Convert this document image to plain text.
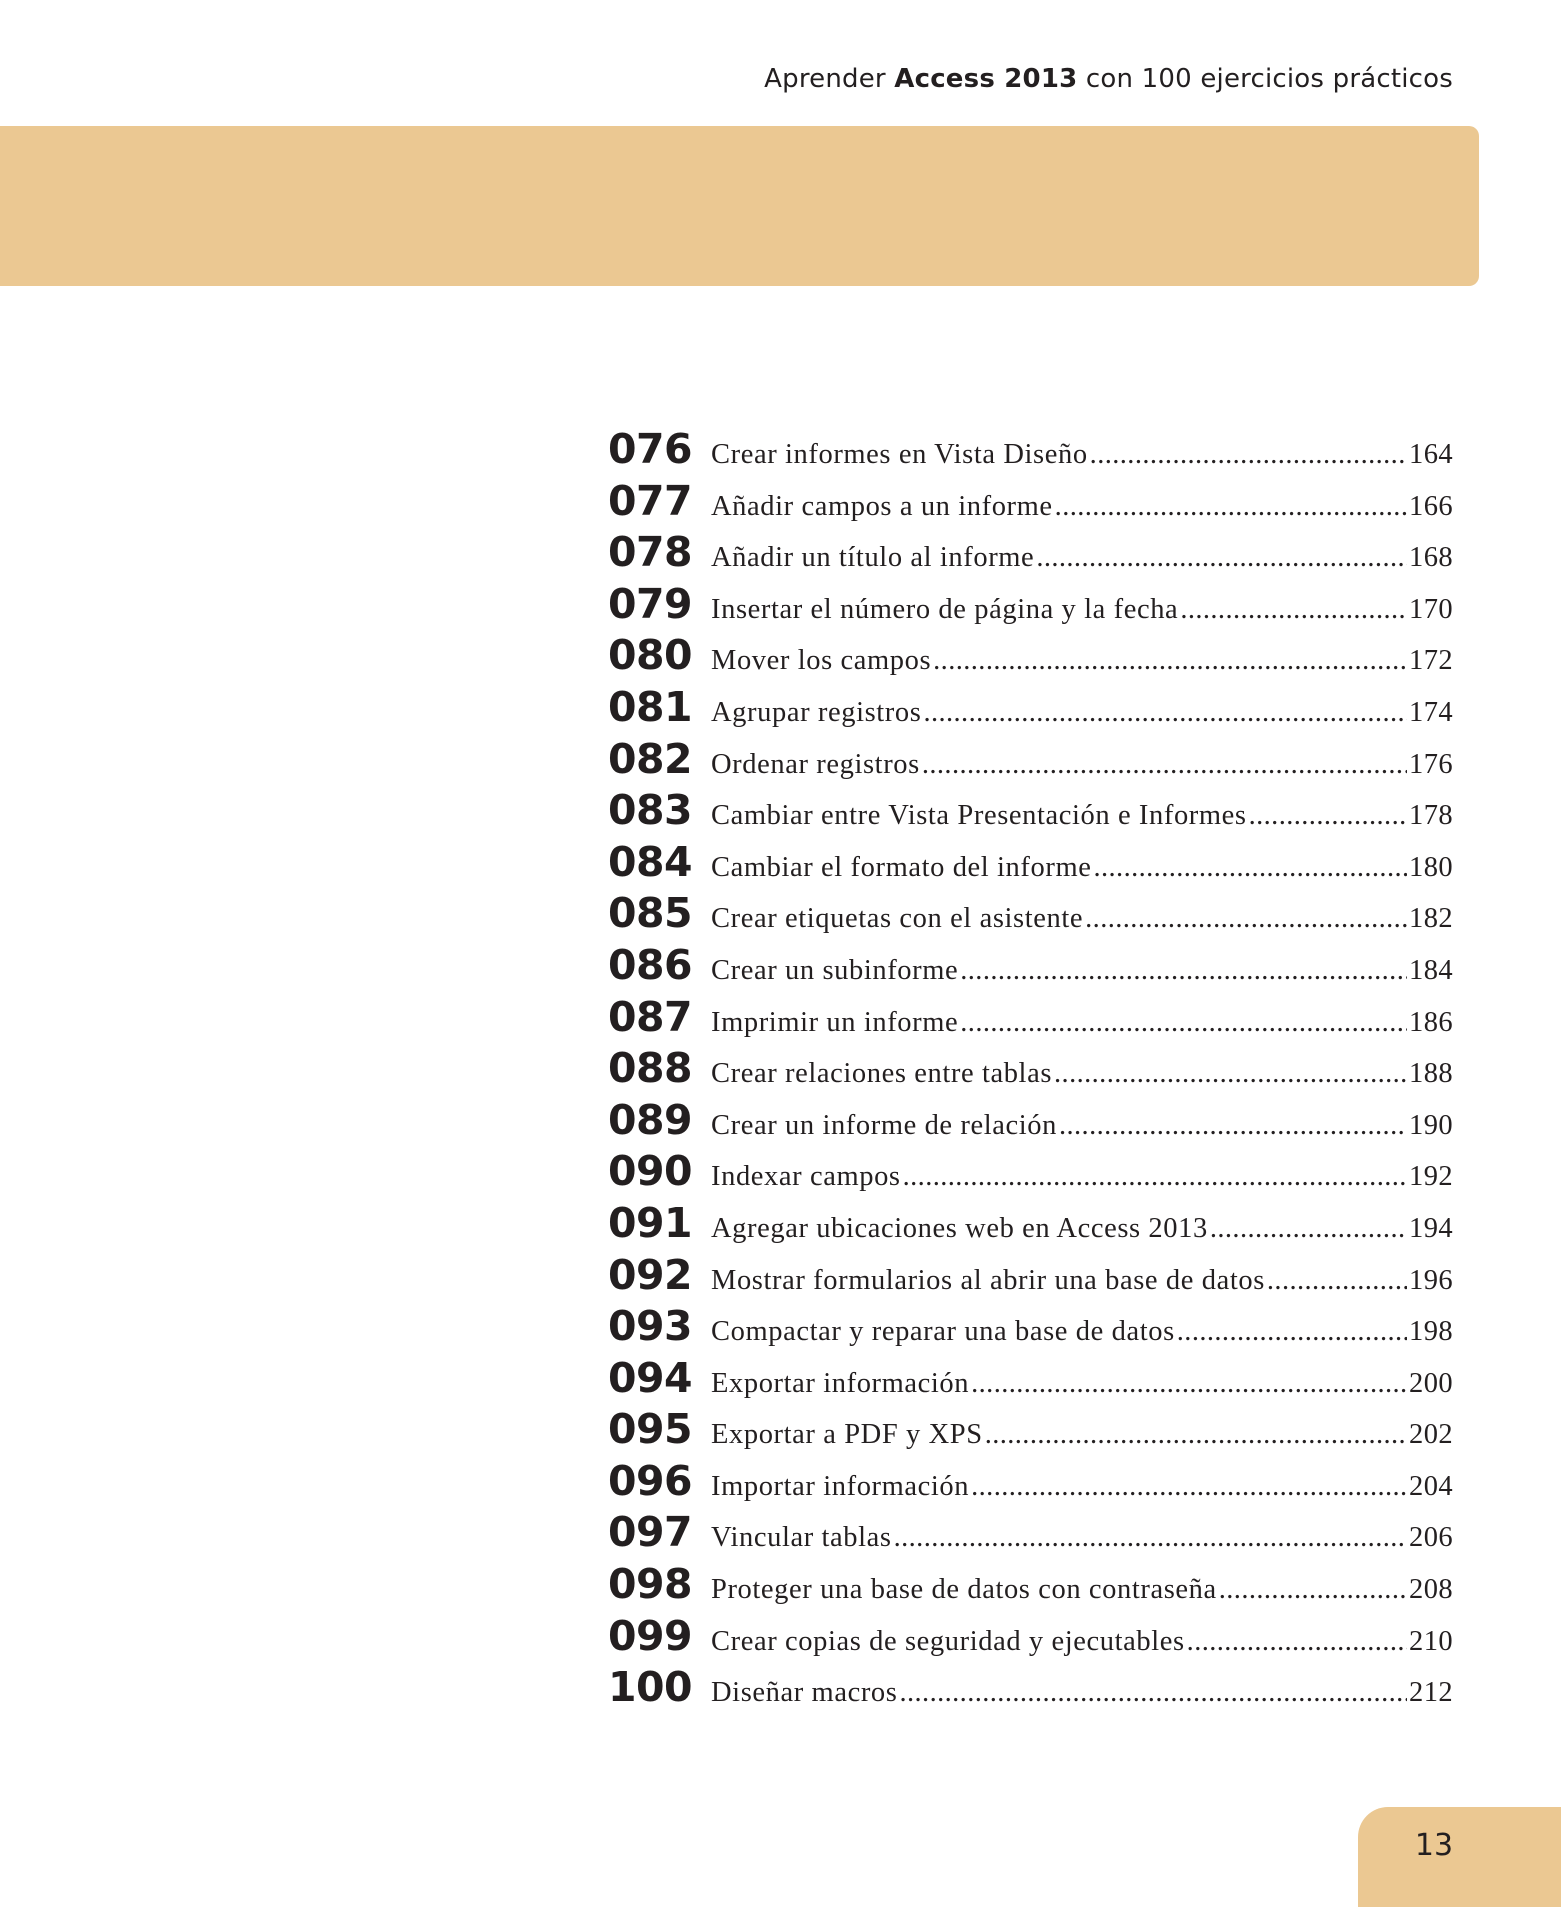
Aprender Access 2013 con 100 ejercicios prácticos
076 Crear informes en Vista Diseño .....	164
077 Añadir campos a un informe .....	166
078 Añadir un título al informe .....	168
079 Insertar el número de página y la fecha .....	170
080 Mover los campos .....	172
081 Agrupar registros .....	174
082 Ordenar registros .....	176
083 Cambiar entre Vista Presentación e Informes .....	178
084 Cambiar el formato del informe .....	180
085 Crear etiquetas con el asistente .....	182
086 Crear un subinforme .....	184
087 Imprimir un informe .....	186
088 Crear relaciones entre tablas .....	188
089 Crear un informe de relación .....	190
090 Indexar campos .....	192
091 Agregar ubicaciones web en Access 2013 .....	194
092 Mostrar formularios al abrir una base de datos .....	196
093 Compactar y reparar una base de datos .....	198
094 Exportar información .....	200
095 Exportar a PDF y XPS .....	202
096 Importar información .....	204
097 Vincular tablas .....	206
098 Proteger una base de datos con contraseña .....	208
099 Crear copias de seguridad y ejecutables .....	210
100 Diseñar macros .....	212
13
